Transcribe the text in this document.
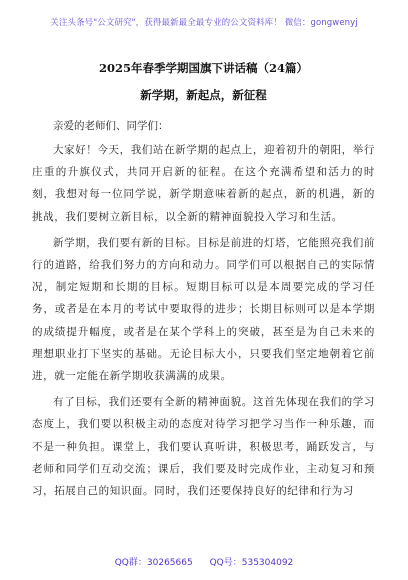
关注头条号"公文研究"，获得最新最全最专业的公文资料库！ 微信：gongwenyj

2025年春季学期国旗下讲话稿（24篇）

新学期，新起点，新征程

亲爱的老师们、同学们：

大家好！今天，我们站在新学期的起点上，迎着初升的朝阳，举行庄重的升旗仪式，共同开启新的征程。在这个充满希望和活力的时刻，我想对每一位同学说，新学期意味着新的起点，新的机遇，新的挑战，我们要树立新目标，以全新的精神面貌投入学习和生活。

新学期，我们要有新的目标。目标是前进的灯塔，它能照亮我们前行的道路，给我们努力的方向和动力。同学们可以根据自己的实际情况，制定短期和长期的目标。短期目标可以是本周要完成的学习任务，或者是在本月的考试中要取得的进步；长期目标则可以是本学期的成绩提升幅度，或者是在某个学科上的突破，甚至是为自己未来的理想职业打下坚实的基础。无论目标大小，只要我们坚定地朝着它前进，就一定能在新学期收获满满的成果。

有了目标，我们还要有全新的精神面貌。这首先体现在我们的学习态度上，我们要以积极主动的态度对待学习把学习当作一种乐趣，而不是一种负担。课堂上，我们要认真听讲，积极思考，踊跃发言，与老师和同学们互动交流；课后，我们要及时完成作业，主动复习和预习，拓展自己的知识面。同时，我们还要保持良好的纪律和行为习

QQ群：30265665 QQ号：535304092
